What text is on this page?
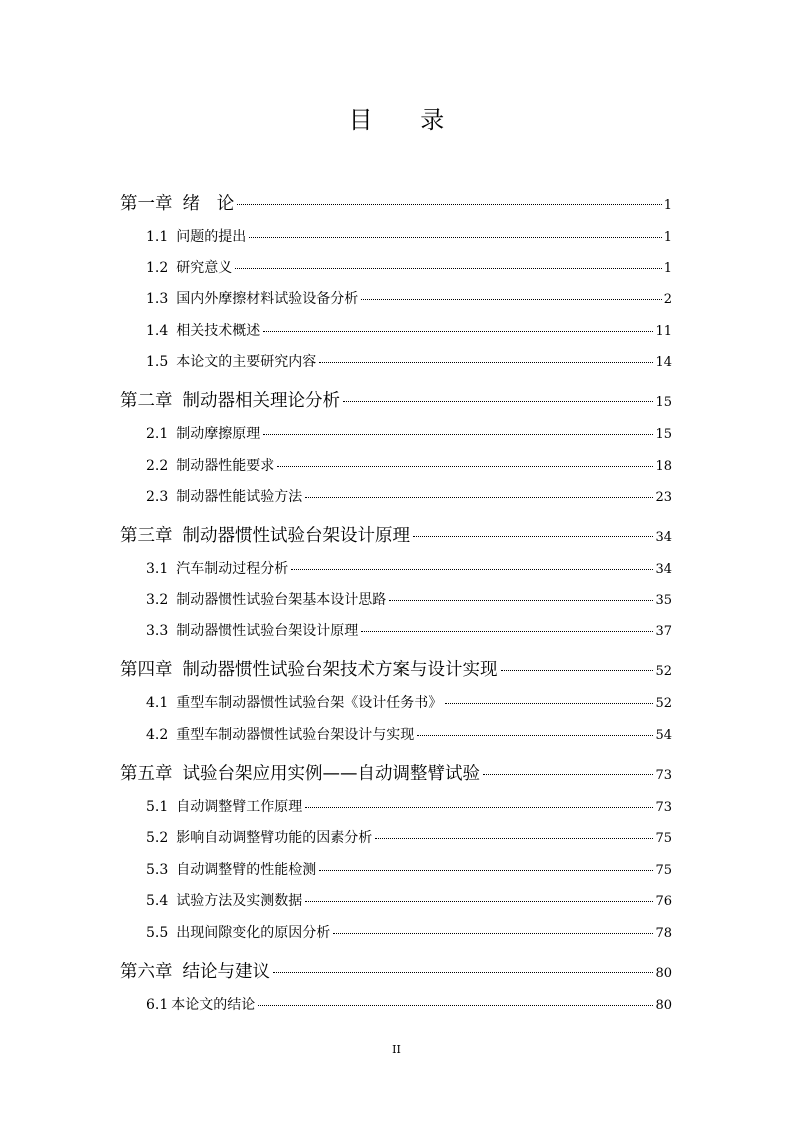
目 录
第一章 绪   论	1
1.1 问题的提出	1
1.2 研究意义	1
1.3 国内外摩擦材料试验设备分析	2
1.4 相关技术概述	11
1.5 本论文的主要研究内容	14
第二章 制动器相关理论分析	15
2.1 制动摩擦原理	15
2.2 制动器性能要求	18
2.3 制动器性能试验方法	23
第三章 制动器惯性试验台架设计原理	34
3.1 汽车制动过程分析	34
3.2 制动器惯性试验台架基本设计思路	35
3.3 制动器惯性试验台架设计原理	37
第四章 制动器惯性试验台架技术方案与设计实现	52
4.1 重型车制动器惯性试验台架《设计任务书》	52
4.2 重型车制动器惯性试验台架设计与实现	54
第五章 试验台架应用实例——自动调整臂试验	73
5.1 自动调整臂工作原理	73
5.2 影响自动调整臂功能的因素分析	75
5.3 自动调整臂的性能检测	75
5.4 试验方法及实测数据	76
5.5 出现间隙变化的原因分析	78
第六章 结论与建议	80
6.1 本论文的结论	80
II
